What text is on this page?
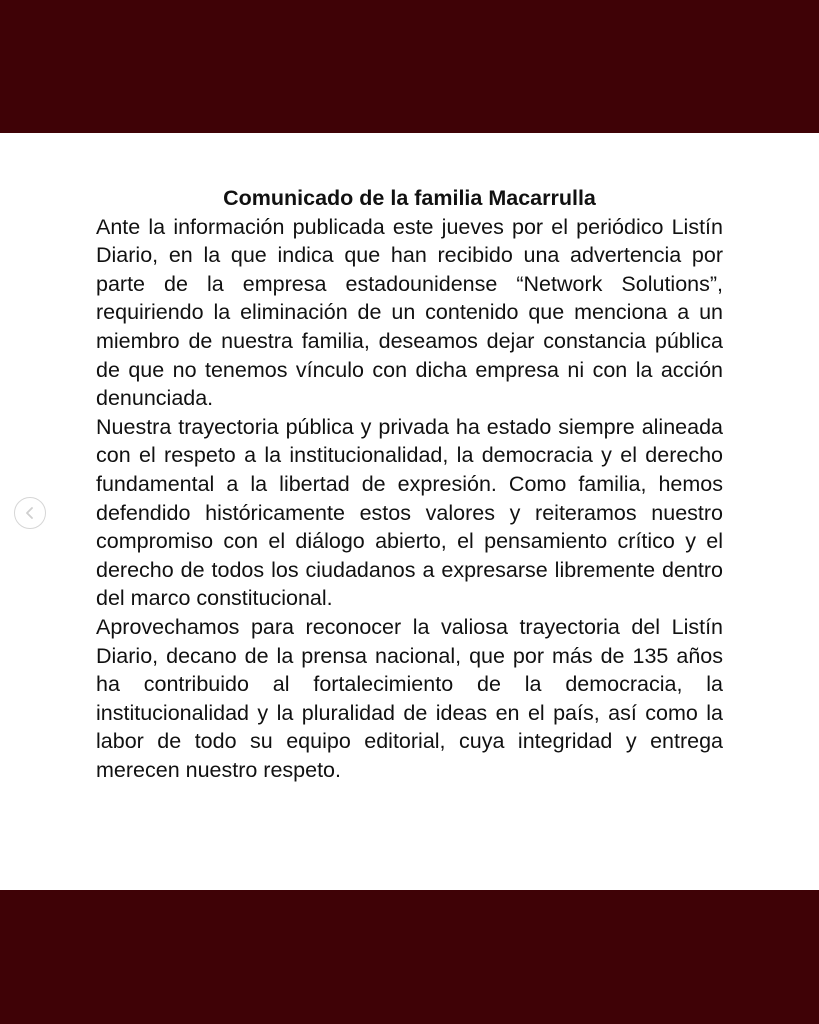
Comunicado de la familia Macarrulla

Ante la información publicada este jueves por el periódico Listín Diario, en la que indica que han recibido una advertencia por parte de la empresa estadounidense “Network Solutions”, requiriendo la eliminación de un contenido que menciona a un miembro de nuestra familia, deseamos dejar constancia pública de que no tenemos vínculo con dicha empresa ni con la acción denunciada.

Nuestra trayectoria pública y privada ha estado siempre alineada con el respeto a la institucionalidad, la democracia y el derecho fundamental a la libertad de expresión. Como familia, hemos defendido históricamente estos valores y reiteramos nuestro compromiso con el diálogo abierto, el pensamiento crítico y el derecho de todos los ciudadanos a expresarse libremente dentro del marco constitucional.

Aprovechamos para reconocer la valiosa trayectoria del Listín Diario, decano de la prensa nacional, que por más de 135 años ha contribuido al fortalecimiento de la democracia, la institucionalidad y la pluralidad de ideas en el país, así como la labor de todo su equipo editorial, cuya integridad y entrega merecen nuestro respeto.
